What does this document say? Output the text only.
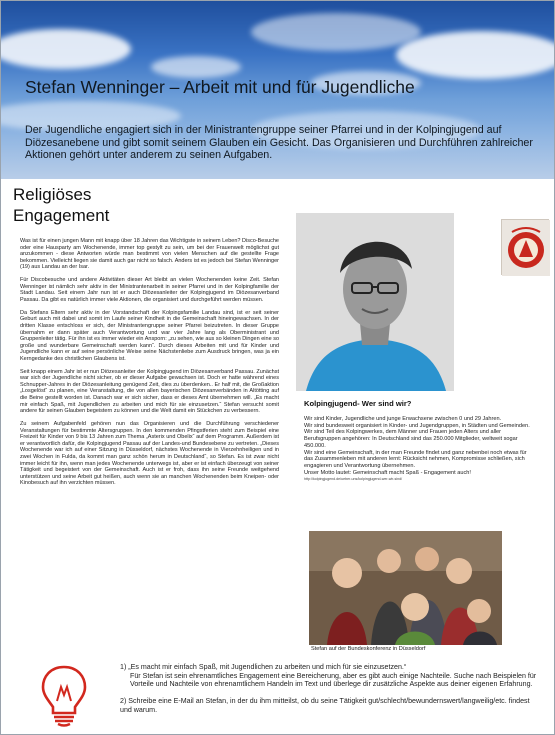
Stefan Wenninger – Arbeit mit und für Jugendliche

Der Jugendliche engagiert sich in der Ministrantengruppe seiner Pfarrei und in der Kolpingjugend auf Diözesanebene und gibt somit seinem Glauben ein Gesicht. Das Organisieren und Durchführen zahlreicher Aktionen gehört unter anderem zu seinen Aufgaben.

Religiöses
Engagement

Was ist für einen jungen Mann mit knapp über 18 Jahren das Wichtigste in seinem Leben? Disco-Besuche oder eine Hausparty am Wochenende, immer top gestylt zu sein, um bei der Frauenwelt möglichst gut anzukommen - diese Antworten würde man bestimmt von vielen Menschen auf die gestellte Frage bekommen. Vielleicht liegen sie damit auch gar nicht so falsch. Anders ist es jedoch bei Stefan Wenninger (19) aus Landau an der Isar.

Für Discobesuche und andere Aktivitäten dieser Art bleibt an vielen Wochenenden keine Zeit. Stefan Wenninger ist nämlich sehr aktiv in der Ministrantenarbeit in seiner Pfarrei und in der Kolpingfamilie der Stadt Landau. Seit einem Jahr nun ist er auch Diözesanleiter der Kolpingjugend im Diözesanverband Passau. Da gibt es natürlich immer viele Aktionen, die organisiert und durchgeführt werden müssen.

Da Stefans Eltern sehr aktiv in der Vorstandschaft der Kolpingsfamilie Landau sind, ist er seit seiner Geburt auch mit dabei und somit im Laufe seiner Kindheit in die Gemeinschaft hineingewachsen. In der dritten Klasse entschloss er sich, der Ministrantengruppe seiner Pfarrei beizutreten. In dieser Gruppe übernahm er dann später auch Verantwortung und war vier Jahre lang als Oberministrant und Gruppenleiter tätig. Für ihn ist es immer wieder ein Ansporn: „zu sehen, wie aus so kleinen Dingen eine so große und wunderbare Gemeinschaft werden kann“. Durch dieses Arbeiten mit und für Kinder und Jugendliche kann er auf seine persönliche Weise seine Nächstenliebe zum Ausdruck bringen, was ja ein Kerngedanke des christlichen Glaubens ist.

Seit knapp einem Jahr ist er nun Diözesanleiter der Kolpingjugend im Diözesanverband Passau. Zunächst war sich der Jugendliche nicht sicher, ob er dieser Aufgabe gewachsen ist. Doch er hatte während eines Schnupper-Jahres in der Diözesanleitung genügend Zeit, dies zu überdenken.. Er half mit, die Großaktion „Losgelöst“ zu planen, eine Veranstaltung, die von allen bayerischen Diözesanverbänden in Altötting auf die Beine gestellt worden ist. Danach war er sich sicher, dass er dieses Amt übernehmen will. „Es macht mir einfach Spaß, mit Jugendlichen zu arbeiten und mich für sie einzusetzen.“ Stefan versucht somit andere für seinen Glauben begeistern zu können und die Welt damit ein Stückchen zu verbessern.

Zu seinem Aufgabenfeld gehören nun das Organisieren und die Durchführung verschiedener Veranstaltungen für bestimmte Altersgruppen. In den kommenden Pfingstferien steht zum Beispiel eine Freizeit für Kinder von 9 bis 13 Jahren zum Thema „Asterix und Obelix“ auf dem Programm. Außerdem ist er verantwortlich dafür, die Kolpingjugend Passau auf der Landes-und Bundesebene zu vertreten. „Dieses Wochenende war ich auf einer Sitzung in Düsseldorf, nächstes Wochenende in Vierzehnheiligen und in zwei Wochen in Fulda, da kommt man ganz schön herum in Deutschland“, so Stefan. Es ist zwar nicht immer leicht für ihn, wenn man jedes Wochenende unterwegs ist, aber er ist einfach überzeugt von seiner Tätigkeit und begeistert von der Gemeinschaft. Auch ist er froh, dass ihn seine Freunde weitgehend unterstützen und seine Arbeit gut heißen, auch wenn sie an manchen Wochenenden beim Kneipen- oder Kinobesuch auf ihn verzichten müssen.

Kolpingjugend- Wer sind wir?

Wir sind Kinder, Jugendliche und junge Erwachsene zwischen 0 und 29 Jahren.

Wir sind bundesweit organisiert in Kinder- und Jugendgruppen, in Städten und Gemeinden.

Wir sind Teil des Kolpingwerkes, dem Männer und Frauen jeden Alters und aller Berufsgruppen angehören: In Deutschland sind das 250.000 Mitglieder, weltweit sogar 450.000.

Wir sind eine Gemeinschaft, in der man Freunde findet und ganz nebenbei noch etwas für das Zusammenleben mit anderen lernt: Rücksicht nehmen, Kompromisse schließen, sich engagieren und Verantwortung übernehmen.

Unser Motto lautet: Gemeinschaft macht Spaß - Engagement auch!

http://kolpingjugend.de/ueber-uns/kolpingjugend-wer-wir-sind/

Stefan auf der Bundeskonferenz in Düsseldorf

1) „Es macht mir einfach Spaß, mit Jugendlichen zu arbeiten und mich für sie einzusetzen.“
Für Stefan ist sein ehrenamtliches Engagement eine Bereicherung, aber es gibt auch einige Nachteile. Suche nach Beispielen für Vorteile und Nachteile von ehrenamtlichem Handeln im Text und überlege dir zusätzliche Aspekte aus deiner eigenen Erfahrung.

2) Schreibe eine E-Mail an Stefan, in der du ihm mitteilst, ob du seine Tätigkeit gut/schlecht/bewundernswert/langweilig/etc. findest und warum.
